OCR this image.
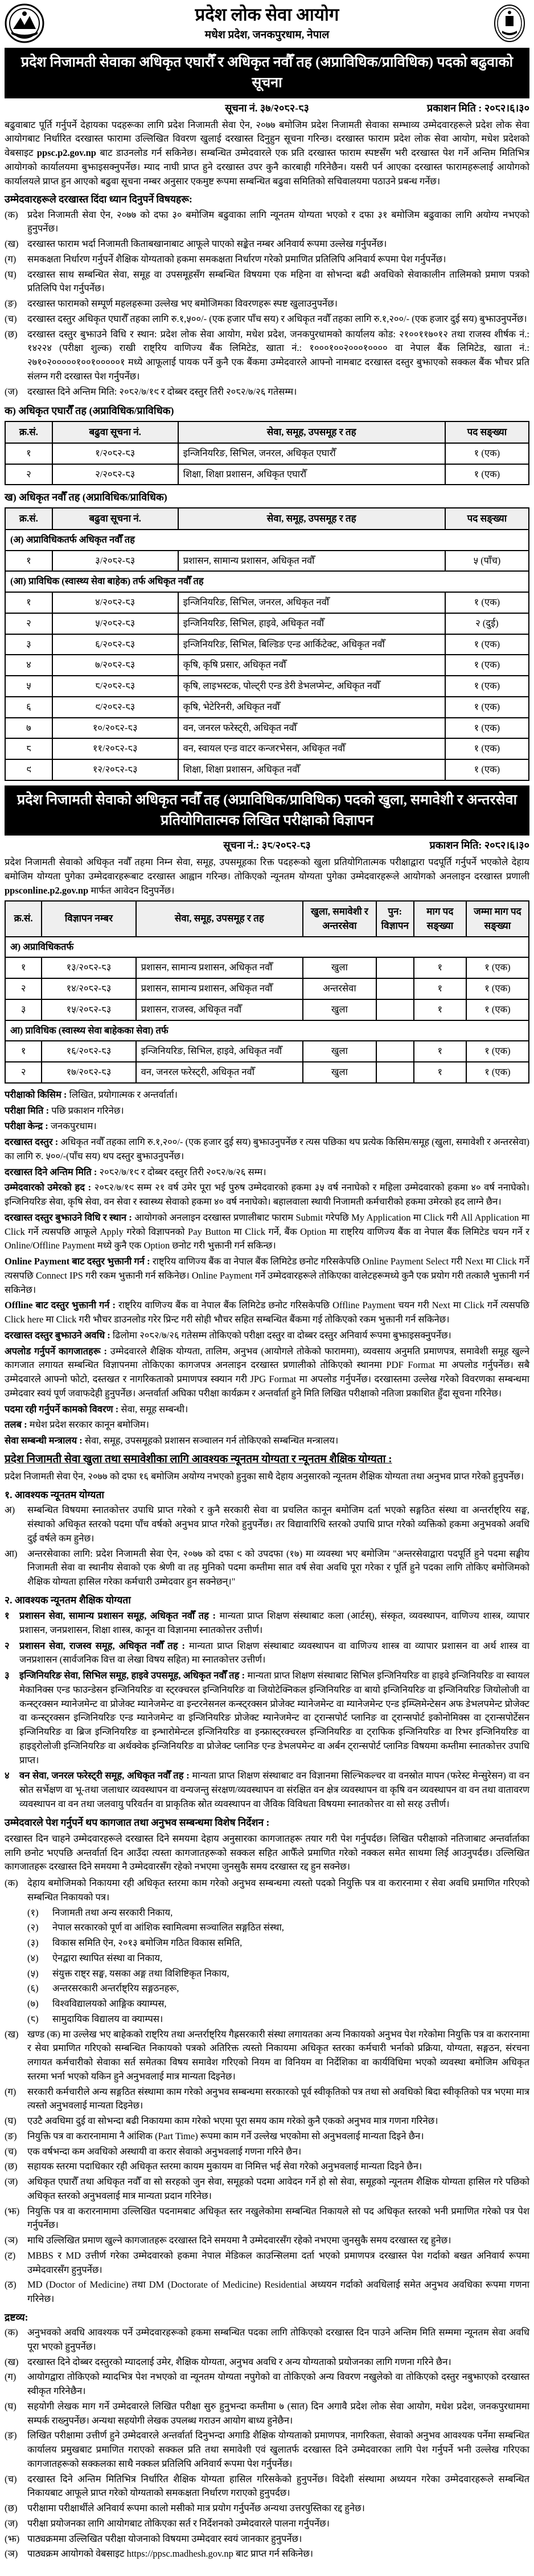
प्रदेश लोक सेवा आयोग
मधेश प्रदेश, जनकपुरधाम, नेपाल
प्रदेश निजामती सेवाका अधिकृत एघारौँ र अधिकृत नवौँ तह (अप्राविधिक/प्राविधिक) पदको बढुवाको सूचना
सूचना नं. ३७/२०८२-८३	प्रकाशन मिति : २०८२।६।३०

बढुवाबाट पूर्ति गर्नुपर्ने देहायका पदहरूका लागि प्रदेश निजामती सेवा ऐन, २०७७ बमोजिम प्रदेश निजामती सेवाका सम्भाव्य उम्मेदवारहरूले प्रदेश लोक सेवा आयोगबाट निर्धारित दरखास्त फारामा उल्लिखित विवरण खुलाई दरखास्त दिनुहुन सूचना गरिन्छ। दरखास्त फाराम प्रदेश लोक सेवा आयोग, मधेश प्रदेशको वेबसाइट ppsc.p2.gov.np बाट डाउनलोड गर्न सकिनेछ। सम्बन्धित उम्मेदवारले एक प्रति दरखास्त फाराम स्पष्टसँग भरी दरखास्त पेश गर्ने अन्तिम मितिभित्र आयोगको कार्यालयमा बुझाइसक्नुपर्नेछ। म्याद नाघी प्राप्त हुने दरखास्त उपर कुनै कारबाही गरिनेछैन। यसरी पर्न आएका दरखास्त फारामहरूलाई आयोगको कार्यालयले प्राप्त हुन आएको बढुवा सूचना नम्बर अनुसार एकमुष्ट रूपमा सम्बन्धित बढुवा समितिको सचिवालयमा पठाउने प्रबन्ध गर्नेछ।

उम्मेदवारहरूले दरखास्त दिंदा ध्यान दिनुपर्ने विषयहरू:
(क) प्रदेश निजामती सेवा ऐन, २०७७ को दफा ३० बमोजिम बढुवाका लागि न्यूनतम योग्यता भएको र दफा ३१ बमोजिम बढुवाका लागि अयोग्य नभएको हुनुपर्नेछ।
(ख) दरखास्त फाराम भर्दा निजामती किताबखानाबाट आफूले पाएको सङ्केत नम्बर अनिवार्य रूपमा उल्लेख गर्नुपर्नेछ।
(ग)	समकक्षता निर्धारण गर्नुपर्ने शैक्षिक योग्यताको हकमा समकक्षता निर्धारण गरेको प्रमाणित प्रतिलिपि अनिवार्य रूपमा पेश गर्नुपर्नेछ।
(घ)	दरखास्त साथ सम्बन्धित सेवा, समूह वा उपसमूहसँग सम्बन्धित विषयमा एक महिना वा सोभन्दा बढी अवधिको सेवाकालीन तालिमको प्रमाण पत्रको प्रतिलिपि पेश गर्नुपर्नेछ।
(ङ)	दरखास्त फारामको सम्पूर्ण महलहरूमा उल्लेख भए बमोजिमका विवरणहरू स्पष्ट खुलाउनुपर्नेछ।
(च)	दरखास्त दस्तुर अधिकृत एघारौँ तहका लागि रु.१,५००/- (एक हजार पाँच सय) र अधिकृत नवौँ तहका लागि रु.१,२००/- (एक हजार दुई सय) बुझाउनुपर्नेछ।
(छ)	दरखास्त दस्तुर बुझाउने विधि र स्थान: प्रदेश लोक सेवा आयोग, मधेश प्रदेश, जनकपुरधामको कार्यालय कोड: २१००११७०१२ तथा राजस्व शीर्षक नं.: १४२२४ (परीक्षा शुल्क) राखी राष्ट्रिय वाणिज्य बैंक लिमिटेड, खाता नं.: १०००१००२०००१०००० वा नेपाल बैंक लिमिटेड, खाता नं.: २७१०२०००००१००१०००००१ मध्ये आफूलाई पायक पर्ने कुनै एक बैंकमा उम्मेदवारले आफ्नो नामबाट दरखास्त दस्तुर बुझाएको सक्कल बैंक भौचर प्रति संलग्न गरी दरखास्त पेश गर्नुपर्नेछ।
(ज)	दरखास्त दिने अन्तिम मिति: २०८२/७/१९ र दोब्बर दस्तुर तिरी २०८२/७/२६ गतेसम्म।
क) अधिकृत एघारौँ तह (अप्राविधिक/प्राविधिक)
क्र.सं.	बढुवा सूचना नं.	सेवा, समूह, उपसमूह र तह	पद सङ्ख्या
१	१/२०८२-८३	इन्जिनियरिङ, सिभिल, जनरल, अधिकृत एघारौँ	१ (एक)
२	२/२०८२-८३	शिक्षा, शिक्षा प्रशासन, अधिकृत एघारौँ	१ (एक)
ख) अधिकृत नवौँ तह (अप्राविधिक/प्राविधिक)
क्र.सं.	बढुवा सूचना नं.	सेवा, समूह, उपसमूह र तह	पद सङ्ख्या
(अ) अप्राविधिकतर्फ अधिकृत नवौँ तह			
१	३/२०८२-८३	प्रशासन, सामान्य प्रशासन, अधिकृत नवौँ	५ (पाँच)
(आ) प्राविधिक (स्वास्थ्य सेवा बाहेक) तर्फ अधिकृत नवौँ तह			
१	४/२०८२-८३	इन्जिनियरिङ, सिभिल, जनरल, अधिकृत नवौँ	१ (एक)
२	५/२०८२-८३	इन्जिनियरिङ, सिभिल, हाइवे, अधिकृत नवौँ	२ (दुई)
३	६/२०८२-८३	इन्जिनियरिङ, सिभिल, बिल्डिङ एन्ड आर्किटेक्ट, अधिकृत नवौँ	१ (एक)
४	७/२०८२-८३	कृषि, कृषि प्रसार, अधिकृत नवौँ	१ (एक)
५	८/२०८२-८३	कृषि, लाइभस्टक, पोल्ट्री एन्ड डेरी डेभलप्मेन्ट, अधिकृत नवौँ	१ (एक)
६	९/२०८२-८३	कृषि, भेटेरिनरी, अधिकृत नवौँ	१ (एक)
७	१०/२०८२-८३	वन, जनरल फरेस्ट्री, अधिकृत नवौँ	१ (एक)
८	११/२०८२-८३	वन, स्वायल एन्ड वाटर कन्जरभेसन, अधिकृत नवौँ	१ (एक)
९	१२/२०८२-८३	शिक्षा, शिक्षा प्रशासन, अधिकृत नवौँ	१ (एक)
प्रदेश निजामती सेवाको अधिकृत नवौँ तह (अप्राविधिक/प्राविधिक) पदको खुला, समावेशी र अन्तरसेवा प्रतियोगितात्मक लिखित परीक्षाको विज्ञापन
सूचना नं.: ३८/२०८२-८३	प्रकाशन मिति: २०८२।६।३०

प्रदेश निजामती सेवाको अधिकृत नवौँ तहमा निम्न सेवा, समूह, उपसमूहका रिक्त पदहरूको खुला प्रतियोगितात्मक परीक्षाद्वारा पदपूर्ति गर्नुपर्ने भएकोले देहाय बमोजिम योग्यता पुगेका उम्मेदवारहरूबाट दरखास्त आह्वान गरिन्छ। तोकिएको न्यूनतम योग्यता पुगेका उम्मेदवारहरूले आयोगको अनलाइन दरखास्त प्रणाली ppsconline.p2.gov.np मार्फत आवेदन दिनुपर्नेछ।

क्र.सं.	विज्ञापन नम्बर	सेवा, समूह, उपसमूह र तह	खुला, समावेशी र अन्तरसेवा	पुन: विज्ञापन	माग पद सङ्ख्या	जम्मा माग पद सङ्ख्या
अ) अप्राविधिकतर्फ						
१	१३/२०८२-८३	प्रशासन, सामान्य प्रशासन, अधिकृत नवौँ	खुला		१	१ (एक)
२	१४/२०८२-८३	प्रशासन, सामान्य प्रशासन, अधिकृत नवौँ	अन्तरसेवा		१	१ (एक)
३	१५/२०८२-८३	प्रशासन, राजस्व, अधिकृत नवौँ	खुला		१	१ (एक)
आ) प्राविधिक (स्वास्थ्य सेवा बाहेकका सेवा) तर्फ						
१	१६/२०८२-८३	इन्जिनियरिङ, सिभिल, हाइवे, अधिकृत नवौँ	खुला		१	१ (एक)
२	१७/२०८२-८३	वन, जनरल फरेस्ट्री, अधिकृत नवौँ	खुला		१	१ (एक)
परीक्षाको किसिम : लिखित, प्रयोगात्मक र अन्तर्वार्ता।
परीक्षा मिति : पछि प्रकाशन गरिनेछ।
परीक्षा केन्द्र : जनकपुरधाम।
दरखास्त दस्तुर : अधिकृत नवौँ तहका लागि रु.१,२००/- (एक हजार दुई सय) बुझाउनुपर्नेछ र त्यस पछिका थप प्रत्येक किसिम/समूह (खुला, समावेशी र अन्तरसेवा) का लागि रु. ५००/-(पाँच सय) थप दस्तुर बुझाउनुपर्नेछ।
दरखास्त दिने अन्तिम मिति : २०८२/७/१९ र दोब्बर दस्तुर तिरी २०८२/७/२६ सम्म।
उम्मेदवारको उमेरको हद : २०८२/७/१९ सम्म २१ वर्ष उमेर पूरा भई पुरुष उम्मेदवारको हकमा ३५ वर्ष ननाघेको र महिला उम्मेदवारको हकमा ४० वर्ष ननाघेको। इन्जिनियरिङ सेवा, कृषि सेवा, वन सेवा र स्वास्थ्य सेवाको हकमा ४० वर्ष ननाघेको। बहालवाला स्थायी निजामती कर्मचारीको हकमा उमेरको हद लाग्ने छैन।
दरखास्त दस्तुर बुझाउने विधि र स्थान : आयोगको अनलाइन दरखास्त प्रणालीबाट फाराम Submit गरेपछि My Application मा Click गरी All Application मा Click गर्ने त्यसपछि आफूले Apply गरेको विज्ञापनको Pay Button मा Click गर्ने, बैंक Option मा राष्ट्रिय वाणिज्य बैंक वा नेपाल बैंक लिमिटेड चयन गर्ने र Online/Offline Payment मध्ये कुनै एक Option छनोट गरी भुक्तानी गर्न सकिन्छ।
Online Payment बाट दस्तुर भुक्तानी गर्न : राष्ट्रिय वाणिज्य बैंक वा नेपाल बैंक लिमिटेड छनोट गरिसकेपछि Online Payment Select गरी Next मा Click गर्ने त्यसपछि Connect IPS गरी रकम भुक्तानी गर्न सकिनेछ। Online Payment गर्ने उम्मेदवारहरूले तोकिएका वालेटहरूमध्ये कुनै एक प्रयोग गरी तत्कालै भुक्तानी गर्न सकिनेछ।
Offline बाट दस्तुर भुक्तानी गर्न : राष्ट्रिय वाणिज्य बैंक वा नेपाल बैंक लिमिटेड छनोट गरिसकेपछि Offline Payment चयन गरी Next मा Click गर्ने त्यसपछि Click here मा Click गरी भौचर डाउनलोड गरेर प्रिन्ट गरी सोही भौचर सहित सम्बन्धित बैंकमा गई तोकिएको रकम भुक्तानी गर्न सकिनेछ।
दरखास्त दस्तुर बुझाउने अवधि : ढिलोमा २०८२/७/२६ गतेसम्म तोकिएको परीक्षा दस्तुर वा दोब्बर दस्तुर अनिवार्य रूपमा बुझाइसक्नुपर्नेछ।
अपलोड गर्नुपर्ने कागजातहरू : उम्मेदवारले शैक्षिक योग्यता, तालिम, अनुभव (आयोगले तोकेको फाराममा), व्यवसाय अनुमति प्रमाणपत्र, समावेशी समूह खुल्ने कागजात लगायत सम्बन्धित विज्ञापनमा तोकिएका कागजपत्र अनलाइन दरखास्त प्रणालीको तोकिएको स्थानमा PDF Format मा अपलोड गर्नुपर्नेछ। सबै उम्मेदवारले आफ्नो फोटो, दस्तखत र नागरिकताको प्रमाणपत्र स्क्यान गरी JPG Format मा अपलोड गर्नुपर्नेछ। दरखास्तमा उल्लेख गरेको विवरणका सम्बन्धमा उम्मेदवार स्वयं पूर्ण जवाफदेही हुनुपर्नेछ। अन्तर्वार्ता अघिका परीक्षा कार्यक्रम र अन्तर्वार्ता हुने मिति लिखित परीक्षाको नतिजा प्रकाशित हुँदा सूचना गरिनेछ।
पदमा रही गर्नुपर्ने कामको विवरण : सेवा, समूह सम्बन्धी।
तलब : मधेश प्रदेश सरकार कानून बमोजिम।
सेवा सम्बन्धी मन्त्रालय : सेवा, समूह, उपसमूहको प्रशासन सञ्चालन गर्न तोकिएको सम्बन्धित मन्त्रालय।
प्रदेश निजामती सेवा खुला तथा समावेशीका लागि आवश्यक न्यूनतम योग्यता र न्यूनतम शैक्षिक योग्यता :

प्रदेश निजामती सेवा ऐन, २०७७ को दफा १६ बमोजिम अयोग्य नभएको हुनुका साथै देहाय अनुसारको न्यूनतम शैक्षिक योग्यता तथा अनुभव प्राप्त गरेको हुनुपर्नेछ।

१. आवश्यक न्यूनतम योग्यता
अ)	सम्बन्धित विषयमा स्नातकोत्तर उपाधि प्राप्त गरेको र कुनै सरकारी सेवा वा प्रचलित कानून बमोजिम दर्ता भएको सङ्गठित संस्था वा अन्तर्राष्ट्रिय सङ्घ, संस्थाको अधिकृत स्तरको पदमा पाँच वर्षको अनुभव प्राप्त गरेको हुनुपर्नेछ। तर विद्यावारिधि स्तरको उपाधि प्राप्त गरेको व्यक्तिको हकमा अनुभवको अवधि दुई वर्षले कम हुनेछ।
आ)	अन्तरसेवाका लागि: प्रदेश निजामती सेवा ऐन, २०७७ को दफा ९ को उपदफा (१७) मा व्यवस्था भए बमोजिम "अन्तरसेवाद्वारा पदपूर्ति हुने पदमा सङ्घीय निजामती सेवा वा स्थानीय सेवाको एक श्रेणी वा तह मुनिको पदमा कम्तीमा सात वर्ष सेवा अवधि पूरा गरेका र पूर्ति हुने पदका लागि तोकिए बमोजिमको शैक्षिक योग्यता हासिल गरेका कर्मचारी उम्मेदवार हुन सक्नेछन्।"
२. आवश्यक न्यूनतम शैक्षिक योग्यता
१	प्रशासन सेवा, सामान्य प्रशासन समूह, अधिकृत नवौँ तह : मान्यता प्राप्त शिक्षण संस्थाबाट कला (आर्टस्), संस्कृत, व्यवस्थापन, वाणिज्य शास्त्र, व्यापार प्रशासन, जनप्रशासन, शिक्षा शास्त्र, कानून वा विज्ञानमा स्नातकोत्तर उत्तीर्ण।
२	प्रशासन सेवा, राजस्व समूह, अधिकृत नवौँ तह : मान्यता प्राप्त शिक्षण संस्थाबाट व्यवस्थापन वा वाणिज्य शास्त्र वा व्यापार प्रशासन वा अर्थ शास्त्र वा जनप्रशासन (सार्वजनिक वित्त वा लेखा विषय सहित) मा स्नातकोत्तर उत्तीर्ण।
३	इन्जिनियरिङ सेवा, सिभिल समूह, हाइवे उपसमूह, अधिकृत नवौँ तह : मान्यता प्राप्त शिक्षण संस्थाबाट सिभिल इन्जिनियरिङ वा हाइवे इन्जिनियरिङ वा स्वायल मेकानिक्स एन्ड फाउन्डेसन इन्जिनियरिङ वा स्ट्रक्चरल इन्जिनियरिङ वा जियोटेक्निकल इन्जिनियरिङ वा बायो इन्जिनियरिङ वा इन्जिनियरिङ जियोलोजी वा कन्स्ट्रक्सन म्यानेजमेन्ट वा प्रोजेक्ट म्यानेजमेन्ट वा इन्टरनेसनल कन्स्ट्रक्सन प्रोजेक्ट म्यानेजमेन्ट वा म्यानेजमेन्ट एन्ड इम्प्लिमेन्टेसन अफ डेभलपमेन्ट प्रोजेक्ट वा कन्स्ट्रक्सन इन्जिनियरिङ एन्ड म्यानेजमेन्ट वा इन्जिनियरिङ प्रोजेक्ट म्यानेजमेन्ट वा ट्रान्सपोर्ट प्लानिङ वा ट्रान्सपोर्ट इकोनोमिक्स वा ट्रान्सपोर्टेसन इन्जिनियरिङ वा ब्रिज इन्जिनियरिङ वा इन्भारोमेन्टल इन्जिनियरिङ वा इन्फ्रास्ट्रक्चरल इन्जिनियरिङ वा ट्राफिक इन्जिनियरिङ वा रिभर इन्जिनियरिङ वा हाइड्रोलोजी इन्जिनियरिङ वा अर्थक्वेक इन्जिनियरिङ वा प्रोजेक्ट प्लानिङ एन्ड डेभलपमेन्ट वा अर्बन ट्रान्सपोर्ट प्लानिङ विषयमा कम्तीमा स्नातकोत्तर उपाधि प्राप्त।
४	वन सेवा, जनरल फरेस्ट्री समूह, अधिकृत नवौँ तह : मान्यता प्राप्त शिक्षण संस्थाबाट वन विज्ञानमा सिल्भिकल्चर वा वनस्रोत मापन (फरेस्ट मेन्सुरेसन) वा वन स्रोत सर्भेक्षण वा भू-तथा जलाधार व्यवस्थापन वा वन्यजन्तु संरक्षण/व्यवस्थापन वा संरक्षित वन क्षेत्र व्यवस्थापन वा कृषि वन व्यवस्थापन वा वन तथा वातावरण व्यवस्थापन वा वन तथा जलवायु परिवर्तन वा प्राकृतिक स्रोत व्यवस्थापन वा जैविक विविधता विषयमा स्नातकोत्तर वा सो सरह उत्तीर्ण।
उम्मेदवारले पेश गर्नुपर्ने थप कागजात तथा अनुभव सम्बन्धमा विशेष निर्देशन :

दरखास्त दिन चाहने उम्मेदवारहरूले दरखास्त दिने समयमा देहाय अनुसारका कागजातहरू तयार गरी पेश गर्नुपर्दछ। लिखित परीक्षाको नतिजाबाट अन्तर्वार्ताका लागि छनोट भएपछि अन्तर्वार्ता दिन आउँदा त्यस्ता कागजातहरूको सक्कल सहित आफैँले प्रमाणित गरेको नक्कल समेत साथमा लिई आउनुपर्दछ। उल्लिखित कागजातहरू दरखास्त दिने समयमा नै उम्मेदवारसँग रहेको नभएमा जुनसुकै समय दरखास्त रद्द हुन सक्नेछ।

(क) देहाय बमोजिमको निकायमा रही अधिकृत स्तरमा काम गरेको अनुभव सम्बन्धमा त्यस्तो पदको नियुक्ति पत्र वा करारनामा र सेवा अवधि प्रमाणित गरिएको सम्बन्धित निकायको पत्र।
(१)	निजामती तथा अन्य सरकारी निकाय,
(२)	नेपाल सरकारको पूर्ण वा आंशिक स्वामित्वमा सञ्चालित सङ्गठित संस्था,
(३)	विकास समिति ऐन, २०१३ बमोजिम गठित विकास समिति,
(४)	ऐनद्वारा स्थापित संस्था वा निकाय,
(५)	संयुक्त राष्ट्र सङ्घ, यसका अङ्ग तथा विशिष्टिकृत निकाय,
(६)	अन्तरसरकारी अन्तर्राष्ट्रिय सङ्गठनहरू,
(७)	विश्वविद्यालयको आङ्गिक क्याम्पस,
(८)	सामुदायिक विद्यालय वा क्याम्पस।
(ख) खण्ड (क) मा उल्लेख भए बाहेकको राष्ट्रिय तथा अन्तर्राष्ट्रिय गैह्रसरकारी संस्था लगायतका अन्य निकायको अनुभव पेश गरेकोमा नियुक्ति पत्र वा करारनामा र सेवा प्रमाणित गरिएको सम्बन्धित निकायको पत्रको अतिरिक्त त्यस्तो निकायमा अधिकृत स्तरका कर्मचारी भर्नाको प्रक्रिया, योग्यता, सङ्गठन, संरचना लगायत कर्मचारीको सेवाका सर्त समेतका विषय समावेश गरिएको नियम वा विनियम वा निर्देशिका वा कार्यविधिमा भएको व्यवस्था बमोजिम अधिकृत स्तरमा भर्ना भएको यकिन हुने अनुभवलाई मात्र मान्यता दिइनेछ।
(ग)	सरकारी कर्मचारीले अन्य सङ्गठित संस्थामा काम गरेको अनुभव सम्बन्धमा सरकारको पूर्व स्वीकृतिको पत्र तथा सो अवधिको बिदा स्वीकृतिको पत्र भएमा मात्र त्यस्तो अनुभवलाई मान्यता दिइनेछ।
(घ)	एउटै अवधिमा दुई वा सोभन्दा बढी निकायमा काम गरेको भएमा पूरा समय काम गरेको कुनै एकको अनुभव मात्र गणना गरिनेछ।
(ङ)	नियुक्ति पत्र वा करारनामामा नै आंशिक (Part Time) रूपमा काम गर्ने उल्लेख भएकोमा सो अनुभवलाई मान्यता दिइने छैन।
(च)	एक वर्षभन्दा कम अवधिको अस्थायी वा करार सेवाको अनुभवलाई गणना गरिने छैन।
(छ)	सहायक स्तरमा पदाधिकार रही अधिकृत स्तरमा कायम मुकायम वा निमित्त भई सेवा गरेको अनुभवलाई मान्यता दिइने छैन।
(ज)	अधिकृत एघारौँ तथा अधिकृत नवौँ वा सो सरहको जुन सेवा, समूहको पदमा आवेदन गर्ने हो सो सेवा, समूहको न्यूनतम शैक्षिक योग्यता हासिल गरे पछिको अधिकृत स्तरको अनुभवलाई मात्र मान्यता प्रदान गरिनेछ।
(झ) नियुक्ति पत्र वा करारनामामा उल्लिखित पदनामबाट अधिकृत स्तर नखुलेकोमा सम्बन्धित निकायले सो पद अधिकृत स्तरको भनी प्रमाणित गरेको पत्र पेश गर्नुपर्नेछ।
(ञ)	माथि उल्लिखित प्रमाण खुल्ने कागजातहरू दरखास्त दिने समयमा नै उम्मेदवारसँग रहेको नभएमा जुनसुकै समय दरखास्त रद्द हुनेछ।
(ट)	MBBS र MD उत्तीर्ण गरेका उम्मेदवारको हकमा नेपाल मेडिकल काउन्सिलमा दर्ता भएको प्रमाणपत्र दरखास्त पेश गर्दाको बखत अनिवार्य रूपमा उम्मेदवारसँग हुनुपर्नेछ।
(ठ)	MD (Doctor of Medicine) तथा DM (Doctorate of Medicine) Residential अध्ययन गर्दाको अवधिलाई समेत अनुभव अवधिका रूपमा गणना गरिनेछ।
द्रष्टव्य:
(क) अनुभवको अवधि आवश्यक पर्ने उम्मेदवारहरूको हकमा सम्बन्धित पदका लागि तोकिएको दरखास्त दिन पाउने अन्तिम मिति सम्ममा न्यूनतम सेवा अवधि पूरा भएको हुनुपर्नेछ।
(ख) दरखास्त दिने दोब्बर दस्तुरको म्यादलाई उमेर, शैक्षिक योग्यता, अनुभव अवधि र अन्य योग्यताको प्रयोजनका लागि गणना गरिने छैन।
(ग)	आयोगद्वारा तोकिएको म्यादभित्र पेश नभएको वा न्यूनतम योग्यता नपुगेको वा तोकिएको अन्य विवरण नखुलेको वा तोकिएको दस्तुर नबुझाएको दरखास्त स्वीकृत गरिनेछैन।
(घ)	सहयोगी लेखक माग गर्ने उम्मेदवारले लिखित परीक्षा सुरु हुनुभन्दा कम्तीमा ७ (सात) दिन अगावै प्रदेश लोक सेवा आयोग, मधेश प्रदेश, जनकपुरधाममा सम्पर्क राख्नुपर्नेछ। अन्यथा सहयोगी लेखक उपलब्ध गराउन आयोग बाध्य हुनेछैन।
(ङ)	लिखित परीक्षामा उत्तीर्ण हुने उम्मेदवारले अन्तर्वार्ता दिनुभन्दा अगाडि शैक्षिक योग्यताको प्रमाणपत्र, नागरिकता, सेवाको अनुभव आवश्यक पर्नेमा सम्बन्धित कार्यालय प्रमुखबाट प्रमाणित गराएको सक्कल प्रति तथा समावेशी एवं खुलातर्फ दरखास्त दिने उम्मेदवारका लागि पेश गर्नुपर्ने भनी उल्लेख गरिएका कागजातहरूको सक्कलका साथै नक्कल प्रतिलिपि अनिवार्य रूपमा पेश गर्नुपर्नेछ।
(च)	दरखास्त दिने अन्तिम मितिभित्र निर्धारित शैक्षिक योग्यता हासिल गरिसकेको हुनुपर्नेछ। विदेशी संस्थामा अध्ययन गरेका उम्मेदवारहरूले सम्बन्धित निकायबाट आफूले प्राप्त गरेको योग्यताको समकक्षता निर्धारण गराएको हुनुपर्दछ।
(छ)	परीक्षामा परीक्षार्थीले अनिवार्य रूपमा कालो मसीको मात्र प्रयोग गर्नुपर्नेछ अन्यथा उत्तरपुस्तिका रद्द हुनेछ।
(ज)	परीक्षा प्रयोजनका लागि आयोगबाट तोकिएका सर्त र निर्देशनको उम्मेदवारले पालना गर्नुपर्नेछ।
(झ) पाठ्यक्रममा उल्लिखित परीक्षा योजनाको विषयमा उम्मेदवार स्वयं जानकार हुनुपर्नेछ।
(ञ)	पाठ्यक्रम आयोगको वेबसाइट https://ppsc.madhesh.gov.np बाट प्राप्त गर्न सकिनेछ।
